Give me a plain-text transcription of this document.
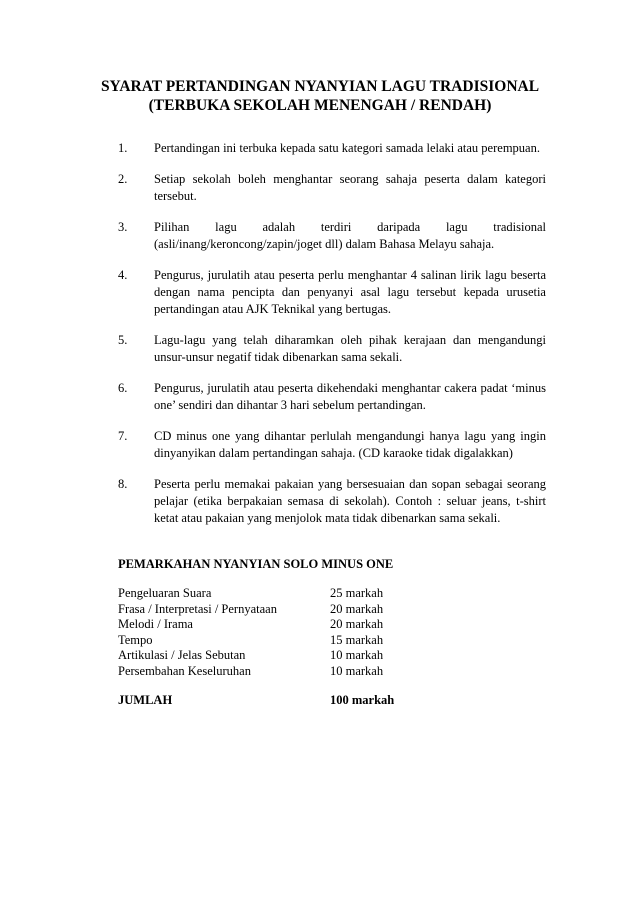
SYARAT PERTANDINGAN NYANYIAN LAGU TRADISIONAL
(TERBUKA SEKOLAH MENENGAH / RENDAH)
1.	Pertandingan ini terbuka kepada satu kategori samada lelaki atau perempuan.
2.	Setiap sekolah boleh menghantar seorang sahaja peserta dalam kategori tersebut.
3.	Pilihan lagu adalah terdiri daripada lagu tradisional (asli/inang/keroncong/zapin/joget dll) dalam Bahasa Melayu sahaja.
4.	Pengurus, jurulatih atau peserta perlu menghantar 4 salinan lirik lagu beserta dengan nama pencipta dan penyanyi asal lagu tersebut kepada urusetia pertandingan atau AJK Teknikal yang bertugas.
5.	Lagu-lagu yang telah diharamkan oleh pihak kerajaan dan mengandungi unsur-unsur negatif tidak dibenarkan sama sekali.
6.	Pengurus, jurulatih atau peserta dikehendaki menghantar cakera padat ‘minus one’ sendiri dan dihantar 3 hari sebelum pertandingan.
7.	CD minus one yang dihantar perlulah mengandungi hanya lagu yang ingin dinyanyikan dalam pertandingan sahaja. (CD karaoke tidak digalakkan)
8.	Peserta perlu memakai pakaian yang bersesuaian dan sopan sebagai seorang pelajar (etika berpakaian semasa di sekolah). Contoh : seluar jeans, t-shirt ketat atau pakaian yang menjolok mata tidak dibenarkan sama sekali.
PEMARKAHAN NYANYIAN SOLO MINUS ONE
Pengeluaran Suara	25 markah
Frasa / Interpretasi / Pernyataan	20 markah
Melodi / Irama	20 markah
Tempo	15 markah
Artikulasi / Jelas Sebutan	10 markah
Persembahan Keseluruhan	10 markah
JUMLAH	100 markah
